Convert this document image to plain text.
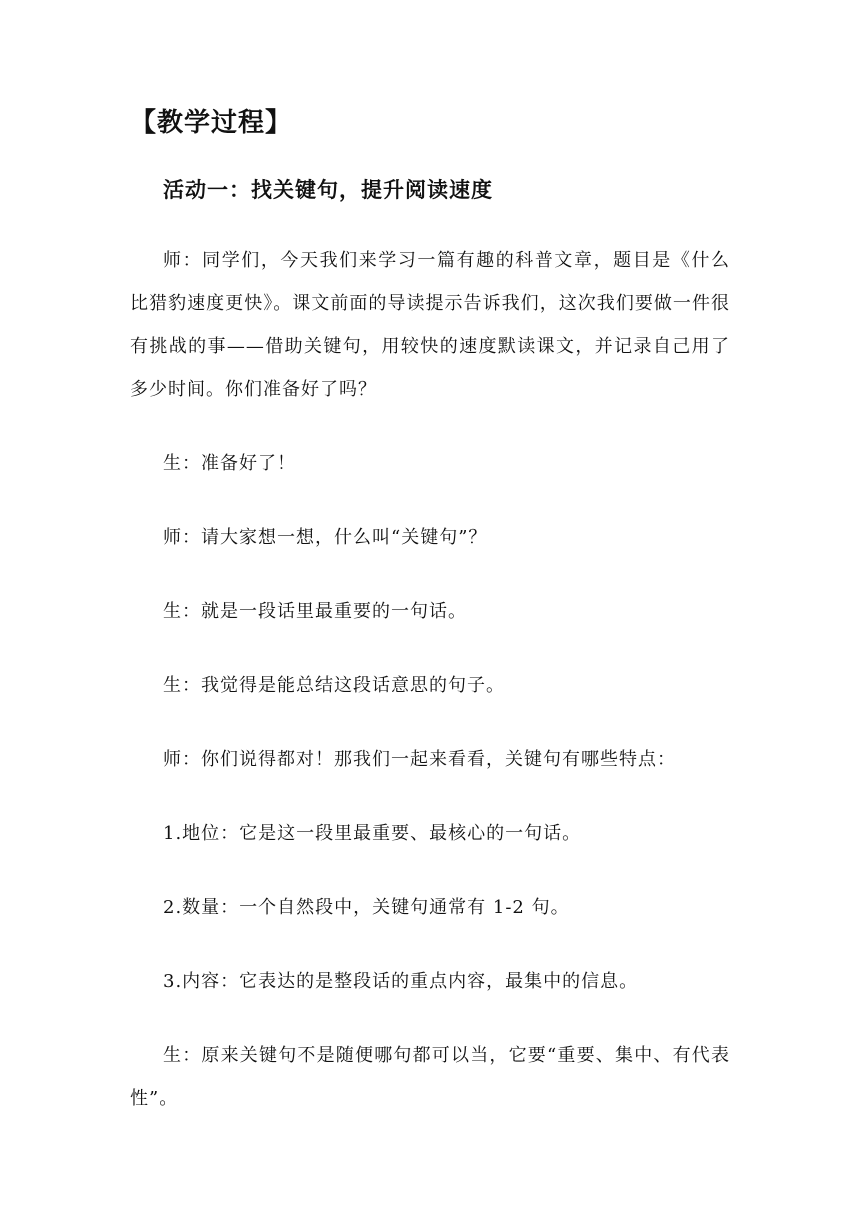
【教学过程】
活动一：找关键句，提升阅读速度

师：同学们，今天我们来学习一篇有趣的科普文章，题目是《什么比猎豹速度更快》。课文前面的导读提示告诉我们，这次我们要做一件很有挑战的事——借助关键句，用较快的速度默读课文，并记录自己用了多少时间。你们准备好了吗？

生：准备好了！

师：请大家想一想，什么叫“关键句”？

生：就是一段话里最重要的一句话。

生：我觉得是能总结这段话意思的句子。

师：你们说得都对！那我们一起来看看，关键句有哪些特点：

1.地位：它是这一段里最重要、最核心的一句话。

2.数量：一个自然段中，关键句通常有 1-2 句。

3.内容：它表达的是整段话的重点内容，最集中的信息。

生：原来关键句不是随便哪句都可以当，它要“重要、集中、有代表性”。
